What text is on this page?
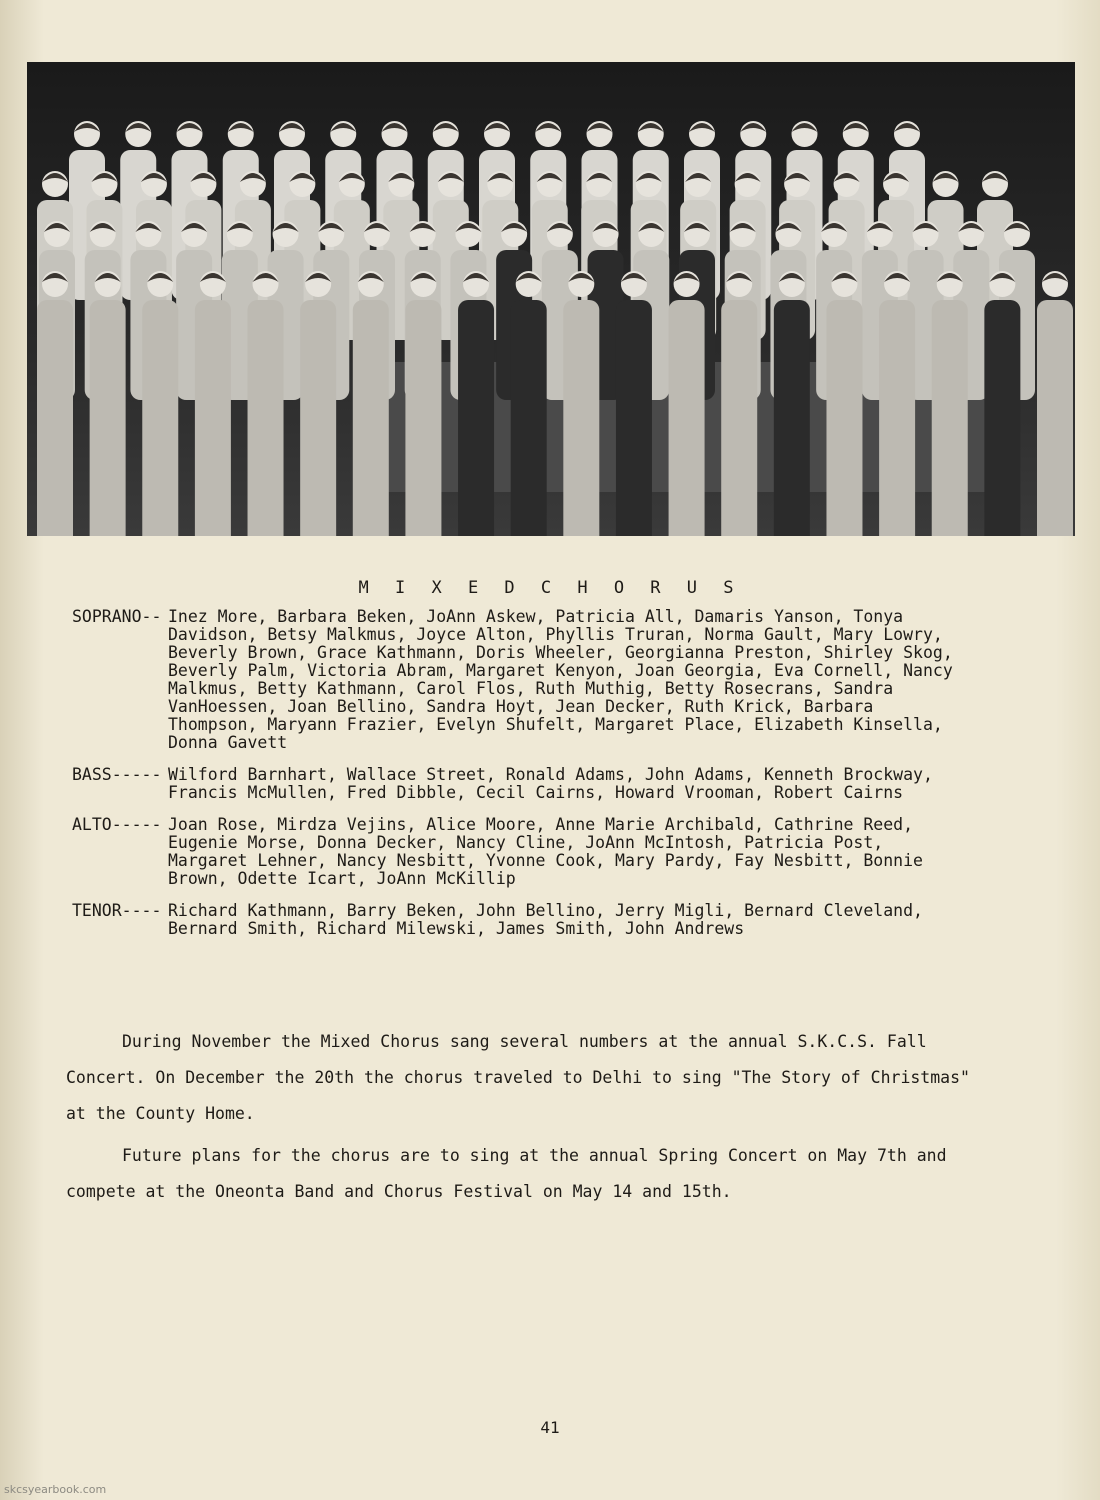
M I X E D C H O R U S
SOPRANO-- Inez More, Barbara Beken, JoAnn Askew, Patricia All, Damaris Yanson, Tonya Davidson, Betsy Malkmus, Joyce Alton, Phyllis Truran, Norma Gault, Mary Lowry, Beverly Brown, Grace Kathmann, Doris Wheeler, Georgianna Preston, Shirley Skog, Beverly Palm, Victoria Abram, Margaret Kenyon, Joan Georgia, Eva Cornell, Nancy Malkmus, Betty Kathmann, Carol Flos, Ruth Muthig, Betty Rosecrans, Sandra VanHoessen, Joan Bellino, Sandra Hoyt, Jean Decker, Ruth Krick, Barbara Thompson, Maryann Frazier, Evelyn Shufelt, Margaret Place, Elizabeth Kinsella, Donna Gavett
BASS----- Wilford Barnhart, Wallace Street, Ronald Adams, John Adams, Kenneth Brockway, Francis McMullen, Fred Dibble, Cecil Cairns, Howard Vrooman, Robert Cairns
ALTO----- Joan Rose, Mirdza Vejins, Alice Moore, Anne Marie Archibald, Cathrine Reed, Eugenie Morse, Donna Decker, Nancy Cline, JoAnn McIntosh, Patricia Post, Margaret Lehner, Nancy Nesbitt, Yvonne Cook, Mary Pardy, Fay Nesbitt, Bonnie Brown, Odette Icart, JoAnn McKillip
TENOR---- Richard Kathmann, Barry Beken, John Bellino, Jerry Migli, Bernard Cleveland, Bernard Smith, Richard Milewski, James Smith, John Andrews
During November the Mixed Chorus sang several numbers at the annual S.K.C.S. Fall Concert. On December the 20th the chorus traveled to Delhi to sing "The Story of Christmas" at the County Home.
Future plans for the chorus are to sing at the annual Spring Concert on May 7th and compete at the Oneonta Band and Chorus Festival on May 14 and 15th.
41
skcsyearbook.com
